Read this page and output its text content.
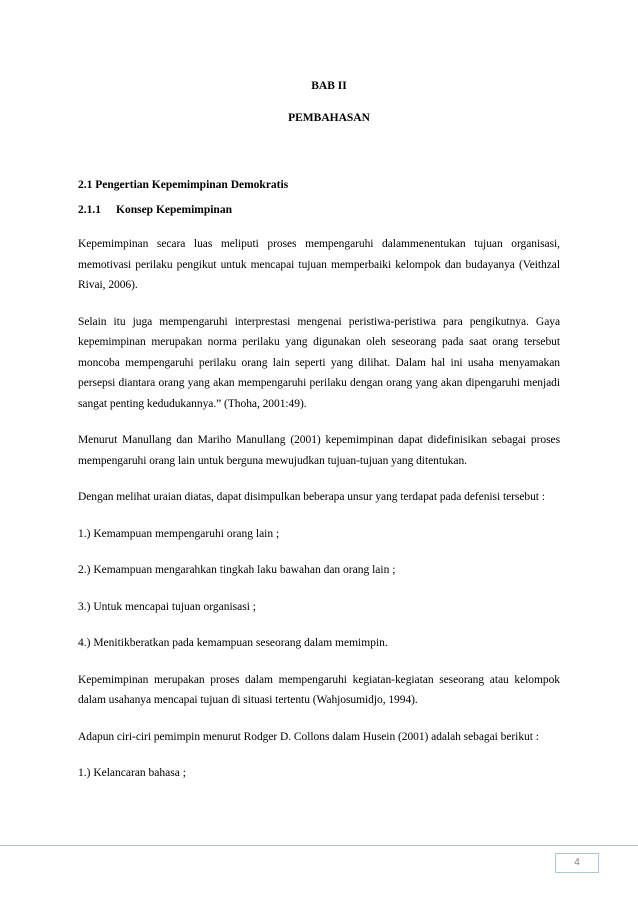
BAB II
PEMBAHASAN

2.1 Pengertian Kepemimpinan Demokratis

2.1.1	Konsep Kepemimpinan

Kepemimpinan secara luas meliputi proses mempengaruhi dalammenentukan tujuan organisasi, memotivasi perilaku pengikut untuk mencapai tujuan memperbaiki kelompok dan budayanya (Veithzal Rivai, 2006).

Selain itu juga mempengaruhi interprestasi mengenai peristiwa-peristiwa para pengikutnya. Gaya kepemimpinan merupakan norma perilaku yang digunakan oleh seseorang pada saat orang tersebut moncoba mempengaruhi perilaku orang lain seperti yang dilihat. Dalam hal ini usaha menyamakan persepsi diantara orang yang akan mempengaruhi perilaku dengan orang yang akan dipengaruhi menjadi sangat penting kedudukannya.” (Thoha, 2001:49).

Menurut Manullang dan Mariho Manullang (2001) kepemimpinan dapat didefinisikan sebagai proses mempengaruhi orang lain untuk berguna mewujudkan tujuan-tujuan yang ditentukan.

Dengan melihat uraian diatas, dapat disimpulkan beberapa unsur yang terdapat pada defenisi tersebut :

1.) Kemampuan mempengaruhi orang lain ;

2.) Kemampuan mengarahkan tingkah laku bawahan dan orang lain ;

3.) Untuk mencapai tujuan organisasi ;

4.) Menitikberatkan pada kemampuan seseorang dalam memimpin.

Kepemimpinan merupakan proses dalam mempengaruhi kegiatan-kegiatan seseorang atau kelompok dalam usahanya mencapai tujuan di situasi tertentu (Wahjosumidjo, 1994).

Adapun ciri-ciri pemimpin menurut Rodger D. Collons dalam Husein (2001) adalah sebagai berikut :

1.) Kelancaran bahasa ;

4
